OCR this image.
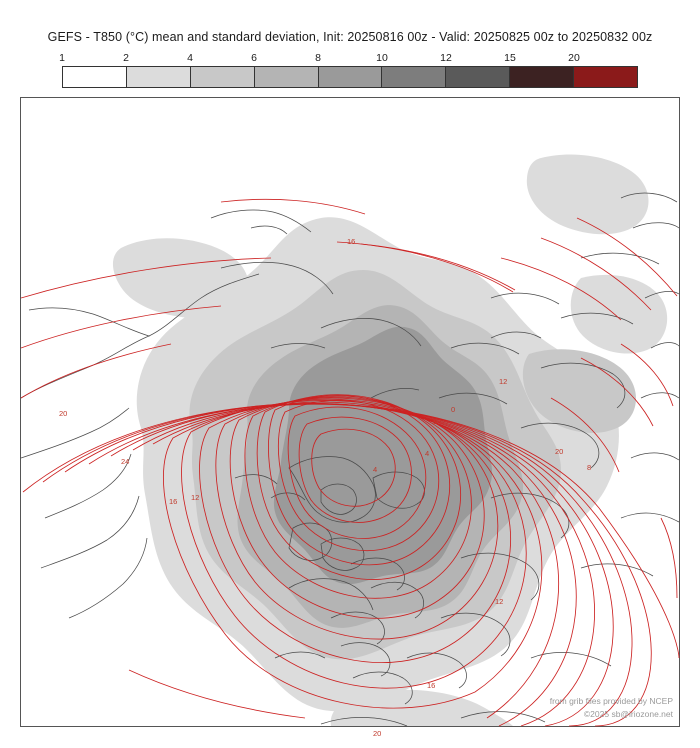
GEFS - T850 (°C) mean and standard deviation, Init: 20250816 00z - Valid: 20250825 00z to 20250832 00z
1	2	4	6	8	10	12	15	20
16
20
24
16 12
4
4
8
0
12
20
8
12
16
20
from grib files provided by NCEP
©2025 sb@iriozone.net
